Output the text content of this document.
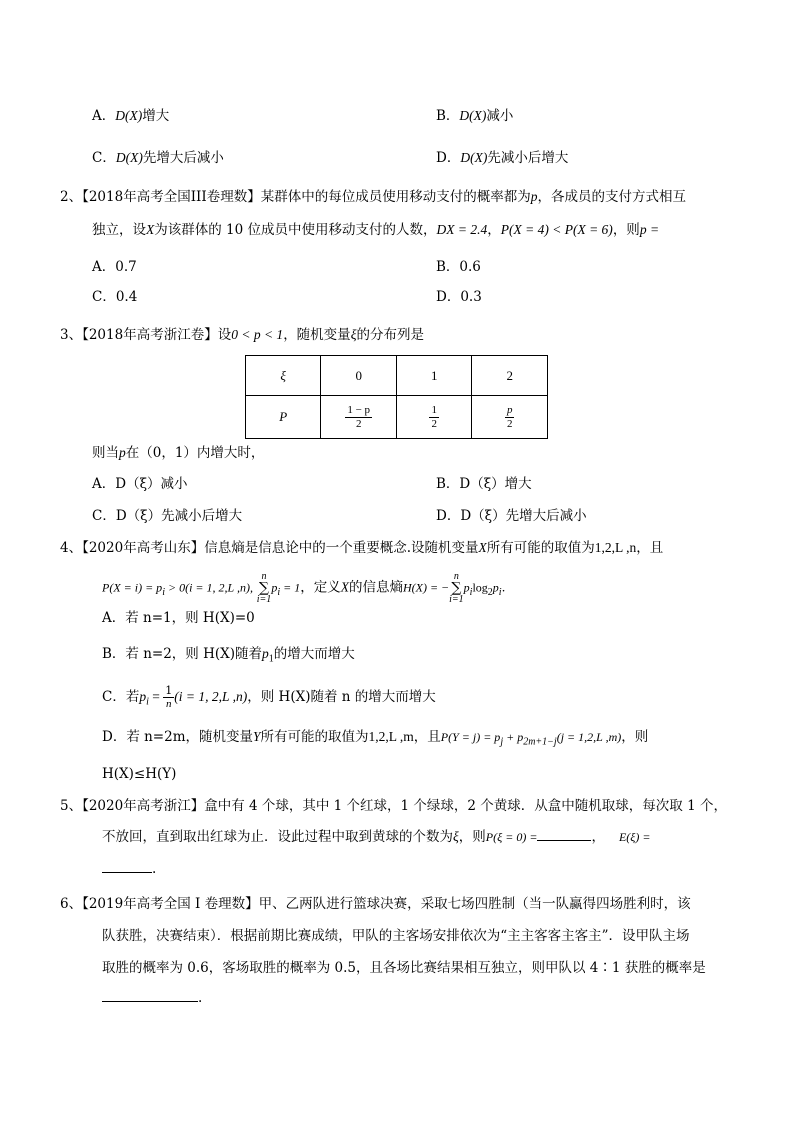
A．D(X)增大	B．D(X)减小
C．D(X)先增大后减小	D．D(X)先减小后增大
2、【2018年高考全国III卷理数】某群体中的每位成员使用移动支付的概率都为p，各成员的支付方式相互
独立，设X为该群体的 10 位成员中使用移动支付的人数，DX = 2.4，P(X = 4) < P(X = 6)，则p =
A．0.7	B．0.6
C．0.4	D．0.3
3、【2018年高考浙江卷】设0 < p < 1，随机变量ξ的分布列是
ξ	0	1	2
P	$\frac{1 - p}{2}$	$\frac{1}{2}$	$\frac{p}{2}$
则当p在（0，1）内增大时，
A．D（ξ）减小	B．D（ξ）增大
C．D（ξ）先减小后增大	D．D（ξ）先增大后减小
4、【2020年高考山东】信息熵是信息论中的一个重要概念.设随机变量X所有可能的取值为1,2,L ,n，且
$P(X = i) = p_i > 0(i = 1$, 2,L ,n),
n
∑
i=1
$p_i = 1$，定义X的信息熵H(X) = −
n
∑
i=1
$p_i\log_2p_i$.
A．若 n=1，则 H(X)=0
B．若 n=2，则 H(X)随着$p_1$的增大而增大
C．若$p_i = \frac{1}{n} (i = 1$, 2,L ,n)，则 H(X)随着 n 的增大而增大
D．若 n=2m，随机变量Y所有可能的取值为1,2,L ,m，且$P(Y = j) = p_j + p_{2m+1-j}(j = 1,2,L$ ,m)，则
H(X)≤H(Y)
5、【2020年高考浙江】盒中有 4 个球，其中 1 个红球，1 个绿球，2 个黄球．从盒中随机取球，每次取 1 个，
不放回，直到取出红球为止．设此过程中取到黄球的个数为ξ，则P(ξ = 0) =	， E(ξ) =
.
6、【2019年高考全国 I 卷理数】甲、乙两队进行篮球决赛，采取七场四胜制（当一队赢得四场胜利时，该
队获胜，决赛结束）．根据前期比赛成绩，甲队的主客场安排依次为“主主客客主客主”．设甲队主场
取胜的概率为 0.6，客场取胜的概率为 0.5，且各场比赛结果相互独立，则甲队以 4∶1 获胜的概率是
.
